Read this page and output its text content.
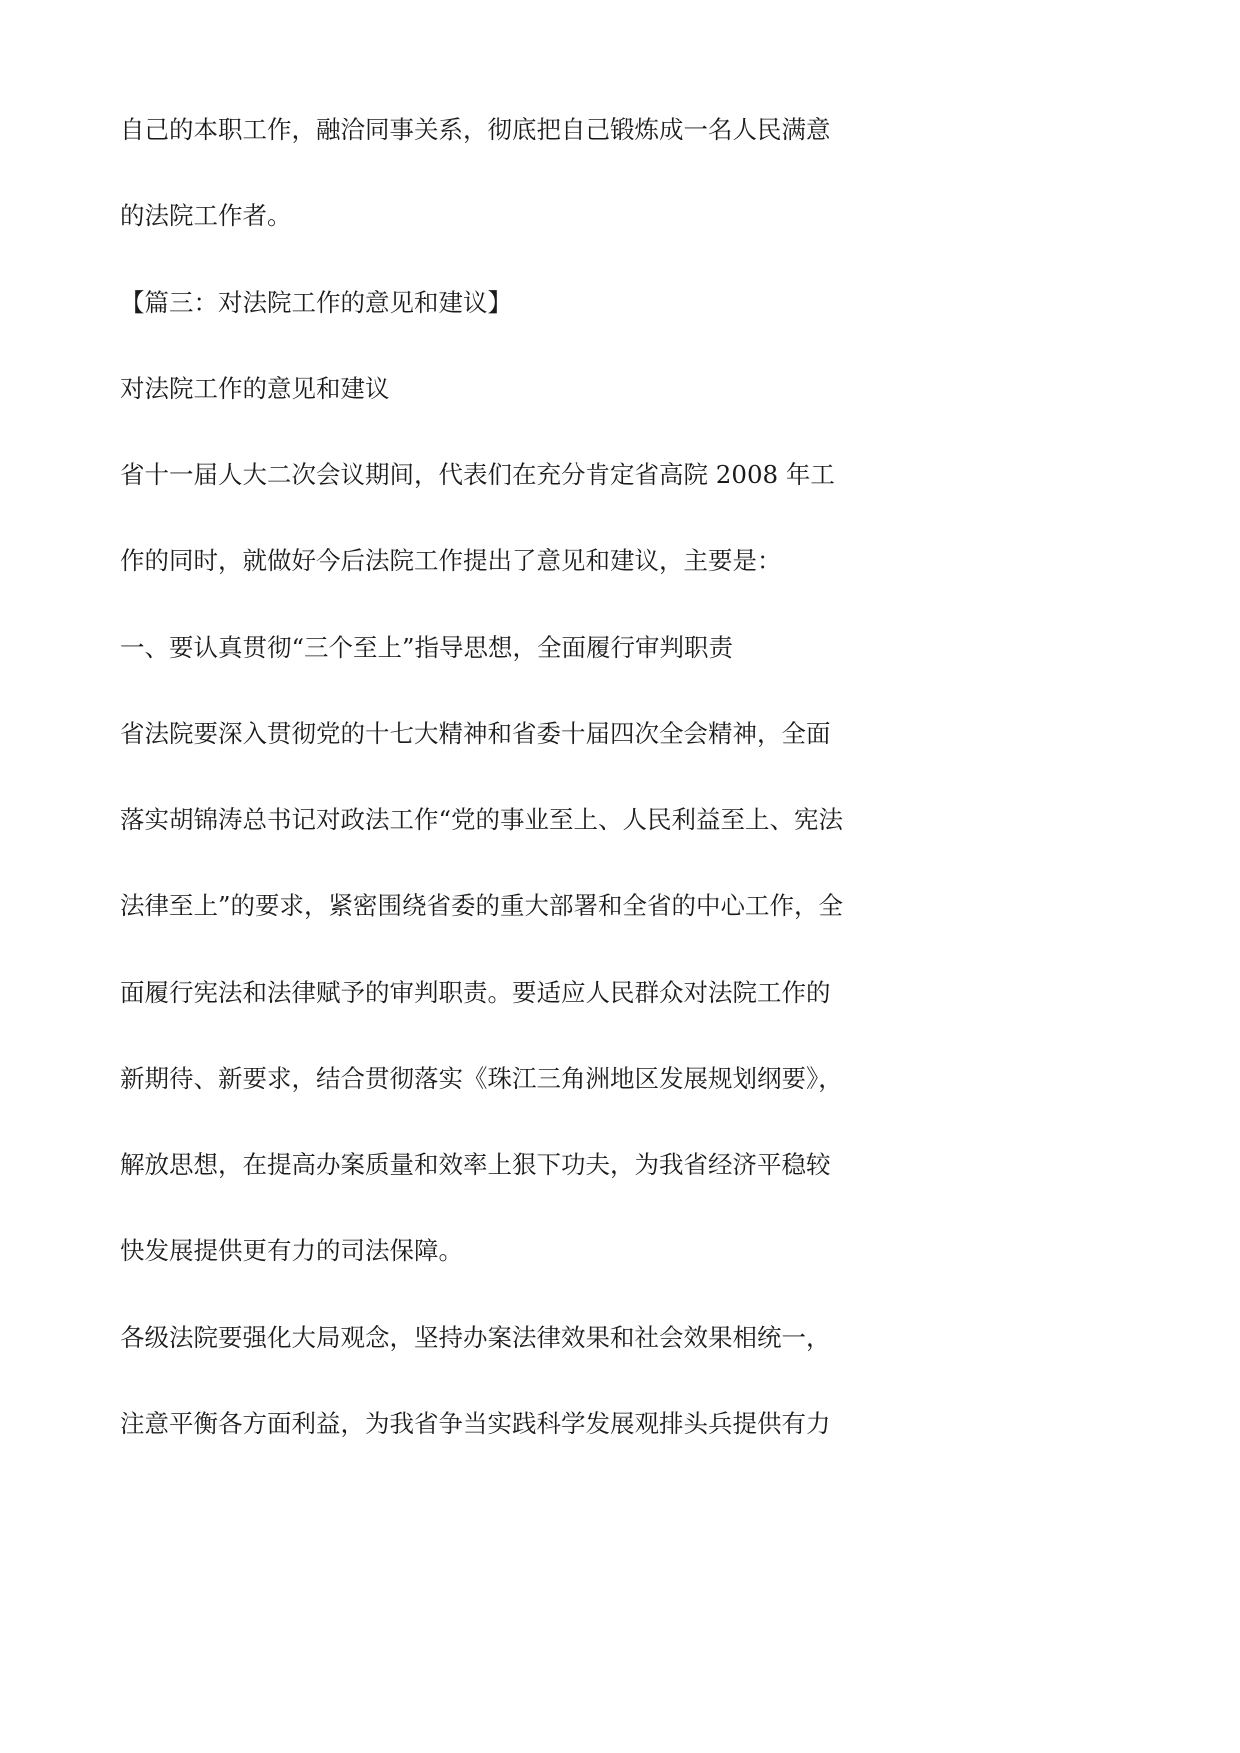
自己的本职工作，融洽同事关系，彻底把自己锻炼成一名人民满意

的法院工作者。

【篇三：对法院工作的意见和建议】

对法院工作的意见和建议

省十一届人大二次会议期间，代表们在充分肯定省高院 2008 年工

作的同时，就做好今后法院工作提出了意见和建议，主要是：

一、要认真贯彻“三个至上”指导思想，全面履行审判职责

省法院要深入贯彻党的十七大精神和省委十届四次全会精神，全面

落实胡锦涛总书记对政法工作“党的事业至上、人民利益至上、宪法

法律至上”的要求，紧密围绕省委的重大部署和全省的中心工作，全

面履行宪法和法律赋予的审判职责。要适应人民群众对法院工作的

新期待、新要求，结合贯彻落实《珠江三角洲地区发展规划纲要》，

解放思想，在提高办案质量和效率上狠下功夫，为我省经济平稳较

快发展提供更有力的司法保障。

各级法院要强化大局观念，坚持办案法律效果和社会效果相统一，

注意平衡各方面利益，为我省争当实践科学发展观排头兵提供有力
